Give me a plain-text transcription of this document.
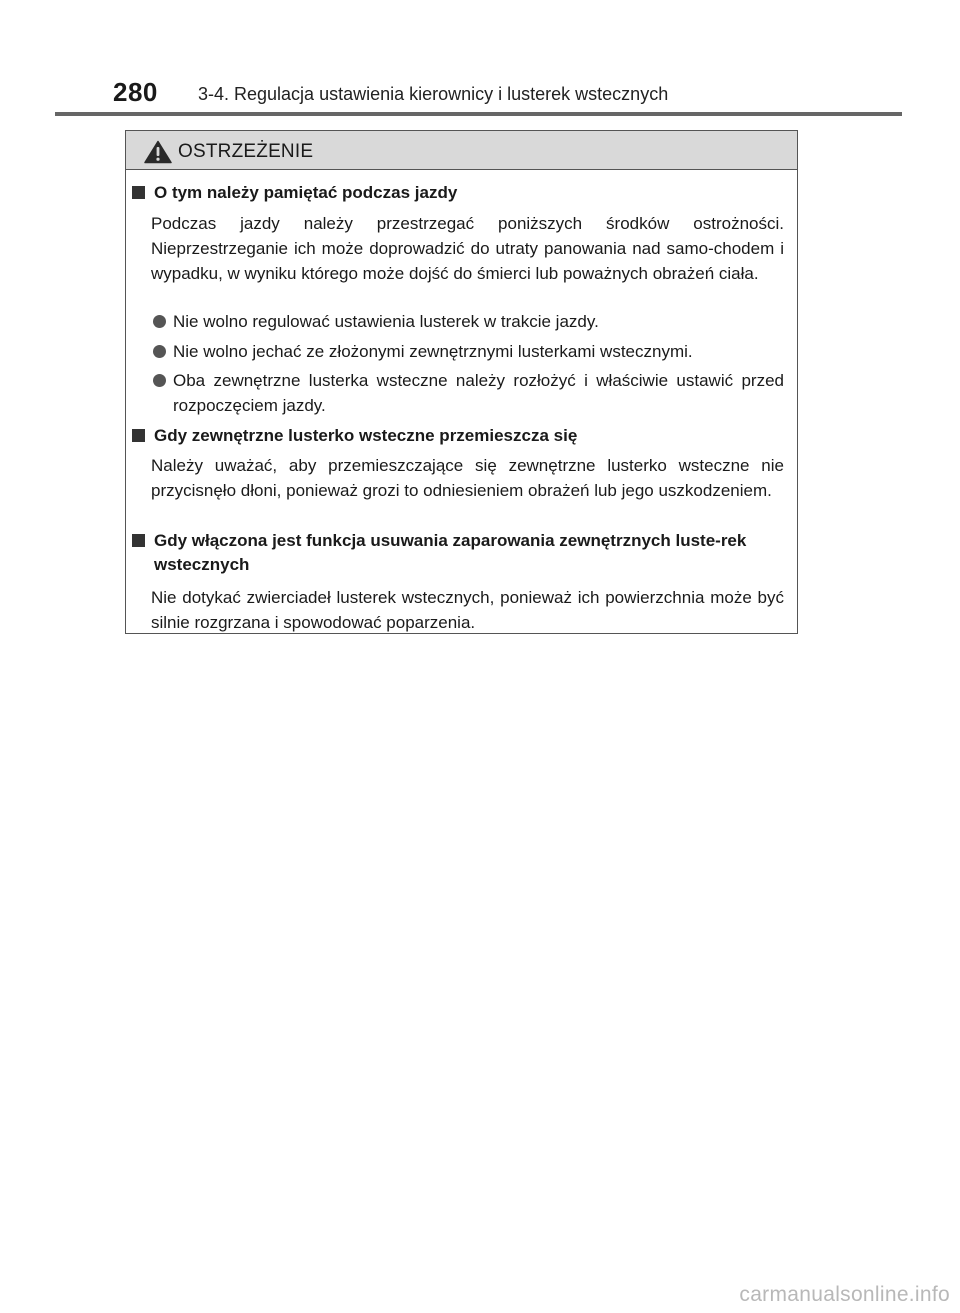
280 3-4. Regulacja ustawienia kierownicy i lusterek wstecznych
OSTRZEŻENIE
O tym należy pamiętać podczas jazdy
Podczas jazdy należy przestrzegać poniższych środków ostrożności. Nieprzestrzeganie ich może doprowadzić do utraty panowania nad samo-chodem i wypadku, w wyniku którego może dojść do śmierci lub poważnych obrażeń ciała.
Nie wolno regulować ustawienia lusterek w trakcie jazdy.
Nie wolno jechać ze złożonymi zewnętrznymi lusterkami wstecznymi.
Oba zewnętrzne lusterka wsteczne należy rozłożyć i właściwie ustawić przed rozpoczęciem jazdy.
Gdy zewnętrzne lusterko wsteczne przemieszcza się
Należy uważać, aby przemieszczające się zewnętrzne lusterko wsteczne nie przycisnęło dłoni, ponieważ grozi to odniesieniem obrażeń lub jego uszkodzeniem.
Gdy włączona jest funkcja usuwania zaparowania zewnętrznych luste-rek wstecznych
Nie dotykać zwierciadeł lusterek wstecznych, ponieważ ich powierzchnia może być silnie rozgrzana i spowodować poparzenia.
carmanualsonline.info
